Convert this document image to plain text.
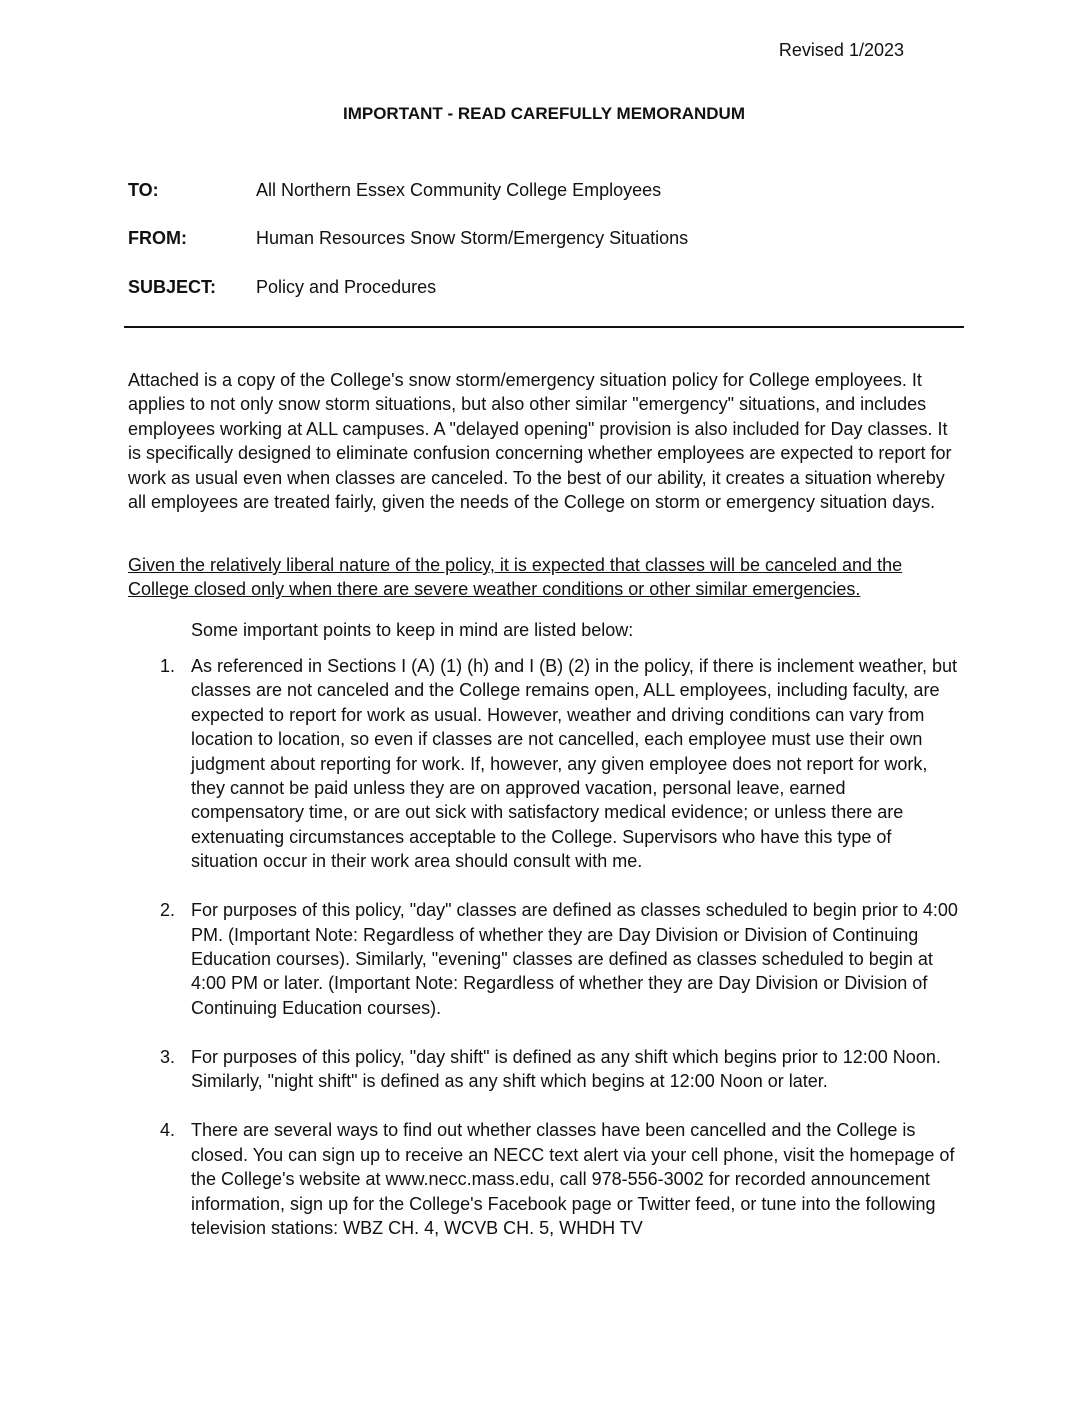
Revised 1/2023
IMPORTANT - READ CAREFULLY MEMORANDUM
TO:	All Northern Essex Community College Employees
FROM:	Human Resources Snow Storm/Emergency Situations
SUBJECT: Policy and Procedures
Attached is a copy of the College's snow storm/emergency situation policy for College employees. It applies to not only snow storm situations, but also other similar "emergency" situations, and includes employees working at ALL campuses. A "delayed opening" provision is also included for Day classes. It is specifically designed to eliminate confusion concerning whether employees are expected to report for work as usual even when classes are canceled. To the best of our ability, it creates a situation whereby all employees are treated fairly, given the needs of the College on storm or emergency situation days.
Given the relatively liberal nature of the policy, it is expected that classes will be canceled and the College closed only when there are severe weather conditions or other similar emergencies.
Some important points to keep in mind are listed below:
1. As referenced in Sections I (A) (1) (h) and I (B) (2) in the policy, if there is inclement weather, but classes are not canceled and the College remains open, ALL employees, including faculty, are expected to report for work as usual. However, weather and driving conditions can vary from location to location, so even if classes are not cancelled, each employee must use their own judgment about reporting for work. If, however, any given employee does not report for work, they cannot be paid unless they are on approved vacation, personal leave, earned compensatory time, or are out sick with satisfactory medical evidence; or unless there are extenuating circumstances acceptable to the College. Supervisors who have this type of situation occur in their work area should consult with me.
2. For purposes of this policy, "day" classes are defined as classes scheduled to begin prior to 4:00 PM. (Important Note: Regardless of whether they are Day Division or Division of Continuing Education courses). Similarly, "evening" classes are defined as classes scheduled to begin at 4:00 PM or later. (Important Note: Regardless of whether they are Day Division or Division of Continuing Education courses).
3. For purposes of this policy, "day shift" is defined as any shift which begins prior to 12:00 Noon. Similarly, "night shift" is defined as any shift which begins at 12:00 Noon or later.
4. There are several ways to find out whether classes have been cancelled and the College is closed. You can sign up to receive an NECC text alert via your cell phone, visit the homepage of the College's website at www.necc.mass.edu, call 978-556-3002 for recorded announcement information, sign up for the College's Facebook page or Twitter feed, or tune into the following television stations: WBZ CH. 4, WCVB CH. 5, WHDH TV
